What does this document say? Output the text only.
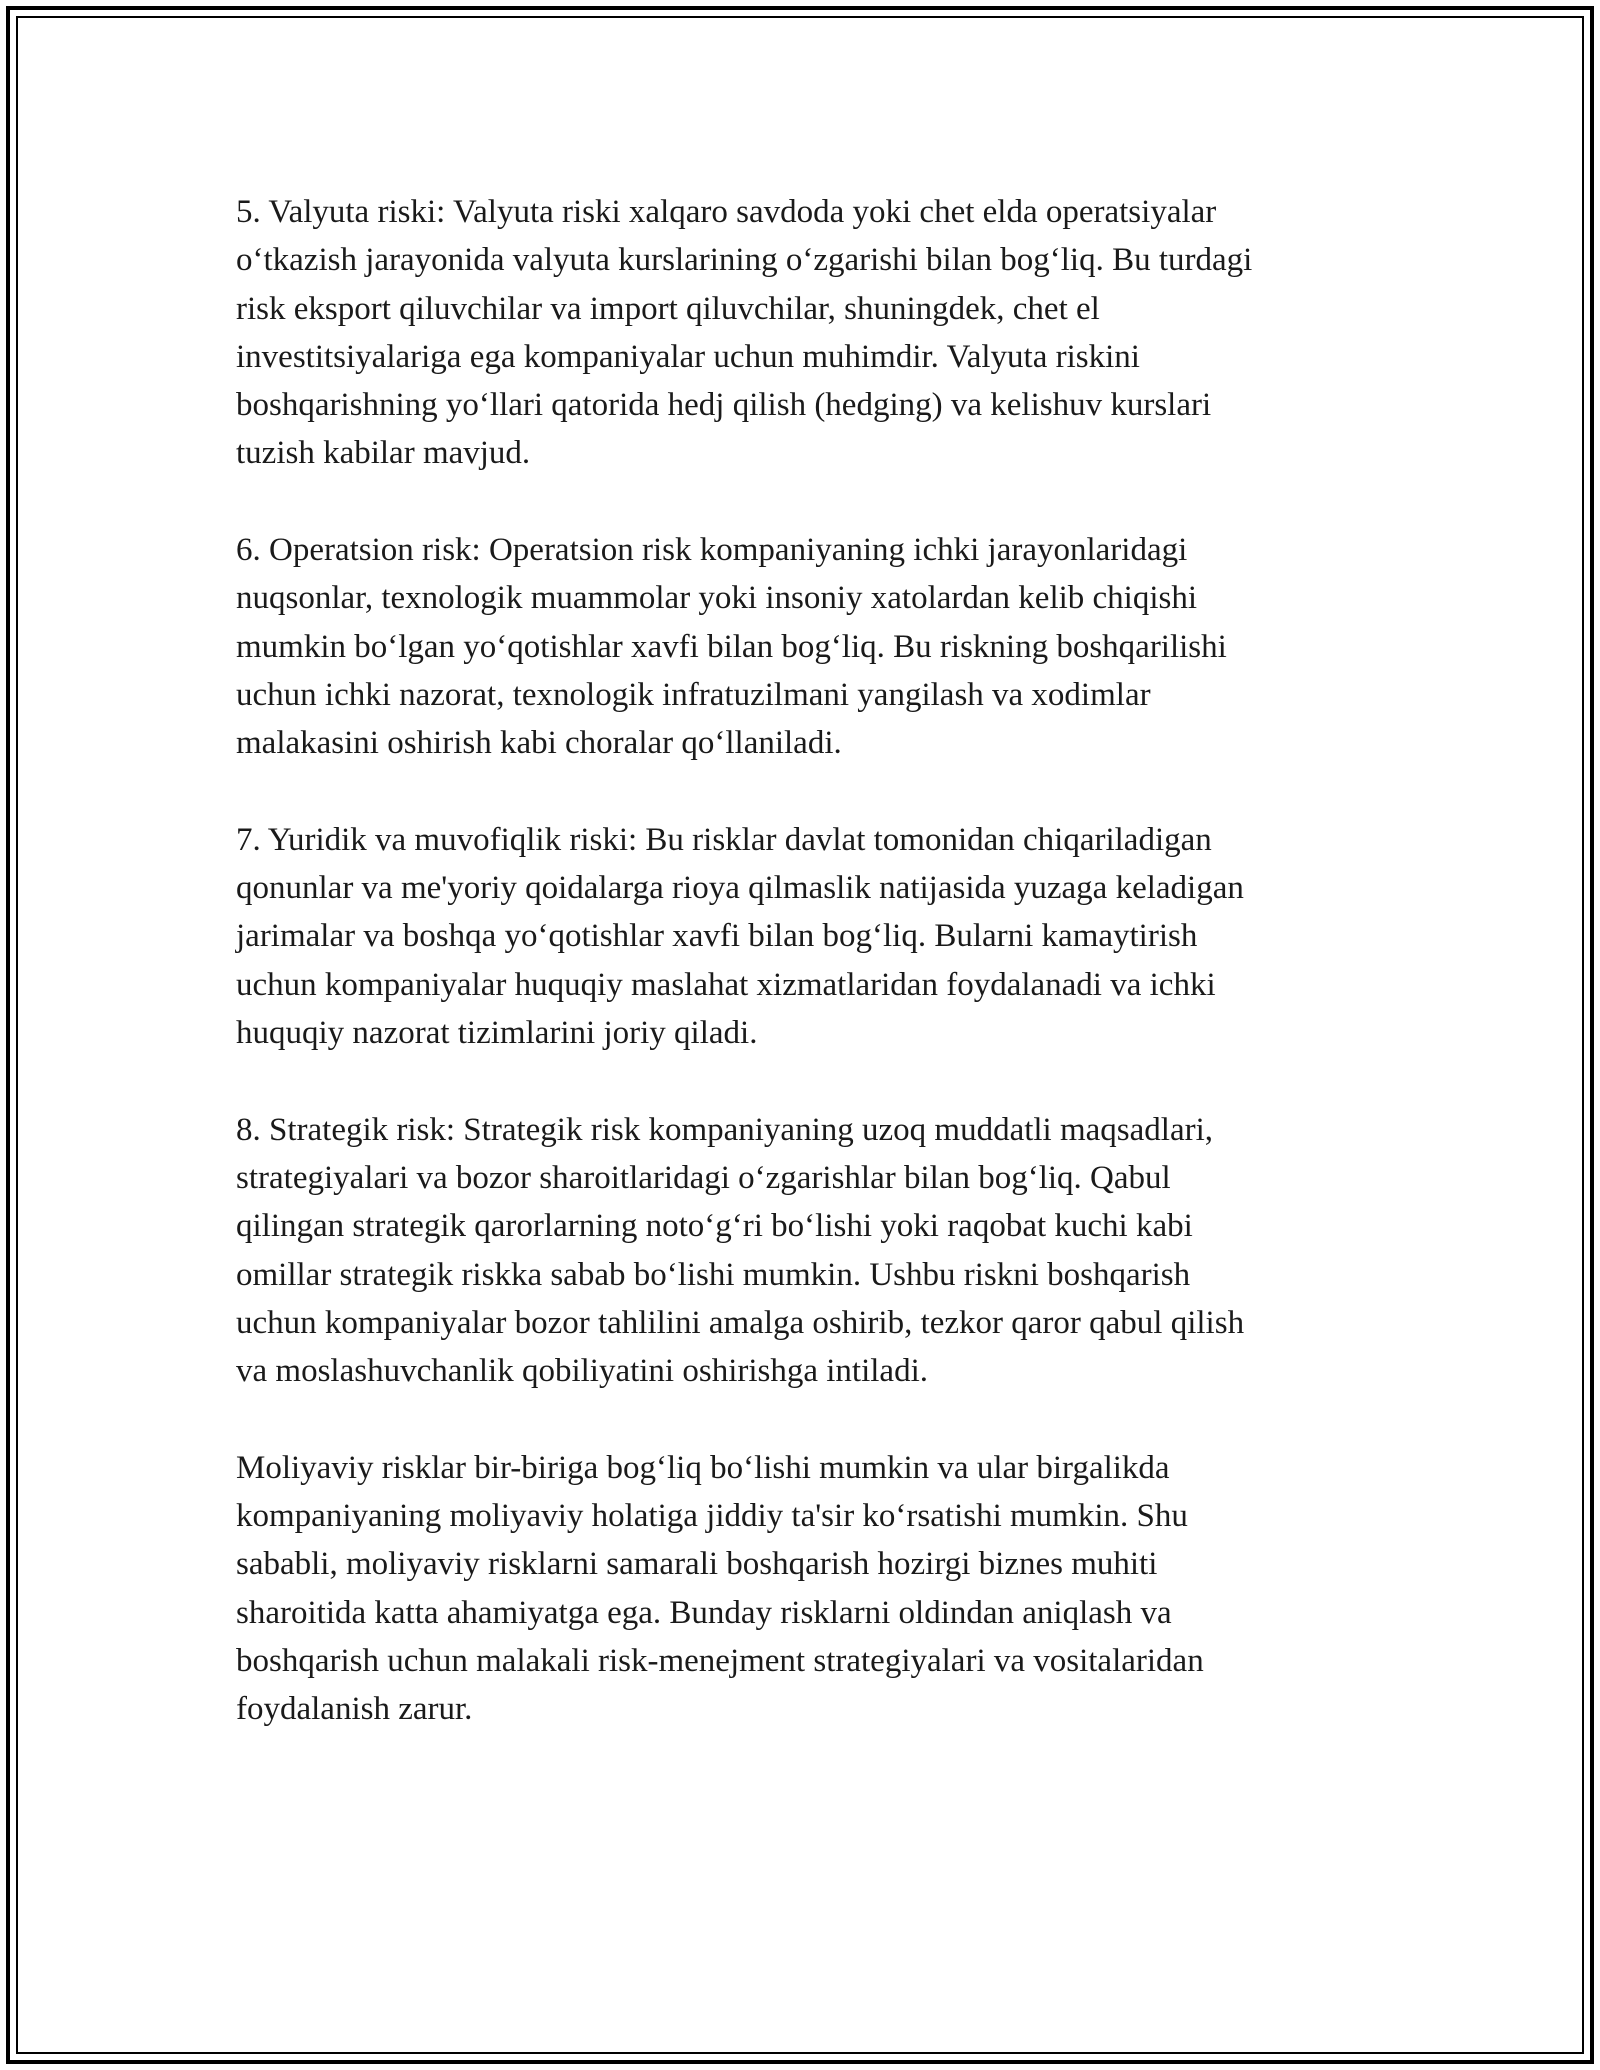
5. Valyuta riski: Valyuta riski xalqaro savdoda yoki chet elda operatsiyalar
o‘tkazish jarayonida valyuta kurslarining o‘zgarishi bilan bog‘liq. Bu turdagi
risk eksport qiluvchilar va import qiluvchilar, shuningdek, chet el
investitsiyalariga ega kompaniyalar uchun muhimdir. Valyuta riskini
boshqarishning yo‘llari qatorida hedj qilish (hedging) va kelishuv kurslari
tuzish kabilar mavjud.

6. Operatsion risk: Operatsion risk kompaniyaning ichki jarayonlaridagi
nuqsonlar, texnologik muammolar yoki insoniy xatolardan kelib chiqishi
mumkin bo‘lgan yo‘qotishlar xavfi bilan bog‘liq. Bu riskning boshqarilishi
uchun ichki nazorat, texnologik infratuzilmani yangilash va xodimlar
malakasini oshirish kabi choralar qo‘llaniladi.

7. Yuridik va muvofiqlik riski: Bu risklar davlat tomonidan chiqariladigan
qonunlar va me'yoriy qoidalarga rioya qilmaslik natijasida yuzaga keladigan
jarimalar va boshqa yo‘qotishlar xavfi bilan bog‘liq. Bularni kamaytirish
uchun kompaniyalar huquqiy maslahat xizmatlaridan foydalanadi va ichki
huquqiy nazorat tizimlarini joriy qiladi.

8. Strategik risk: Strategik risk kompaniyaning uzoq muddatli maqsadlari,
strategiyalari va bozor sharoitlaridagi o‘zgarishlar bilan bog‘liq. Qabul
qilingan strategik qarorlarning noto‘g‘ri bo‘lishi yoki raqobat kuchi kabi
omillar strategik riskka sabab bo‘lishi mumkin. Ushbu riskni boshqarish
uchun kompaniyalar bozor tahlilini amalga oshirib, tezkor qaror qabul qilish
va moslashuvchanlik qobiliyatini oshirishga intiladi.

Moliyaviy risklar bir-biriga bog‘liq bo‘lishi mumkin va ular birgalikda
kompaniyaning moliyaviy holatiga jiddiy ta'sir ko‘rsatishi mumkin. Shu
sababli, moliyaviy risklarni samarali boshqarish hozirgi biznes muhiti
sharoitida katta ahamiyatga ega. Bunday risklarni oldindan aniqlash va
boshqarish uchun malakali risk-menejment strategiyalari va vositalaridan
foydalanish zarur.
